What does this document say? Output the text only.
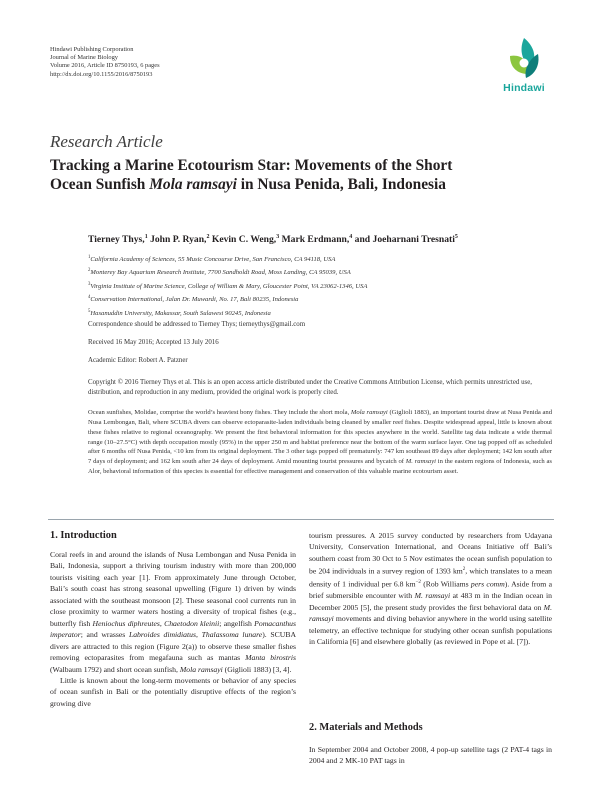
Hindawi Publishing Corporation
Journal of Marine Biology
Volume 2016, Article ID 8750193, 6 pages
http://dx.doi.org/10.1155/2016/8750193
Hindawi
Research Article
Tracking a Marine Ecotourism Star: Movements of the Short
Ocean Sunfish Mola ramsayi in Nusa Penida, Bali, Indonesia
Tierney Thys,$^1$ John P. Ryan,$^2$ Kevin C. Weng,$^3$ Mark Erdmann,$^4$ and Joeharnani Tresnati$^5$
$^1$California Academy of Sciences, 55 Music Concourse Drive, San Francisco, CA 94118, USA
$^2$Monterey Bay Aquarium Research Institute, 7700 Sandholdt Road, Moss Landing, CA 95039, USA
$^3$Virginia Institute of Marine Science, College of William & Mary, Gloucester Point, VA 23062-1346, USA
$^4$Conservation International, Jalan Dr. Muwardi, No. 17, Bali 80235, Indonesia
$^5$Hasanuddin University, Makassar, South Sulawesi 90245, Indonesia
Correspondence should be addressed to Tierney Thys; tierneythys@gmail.com
Received 16 May 2016; Accepted 13 July 2016
Academic Editor: Robert A. Patzner
Copyright © 2016 Tierney Thys et al. This is an open access article distributed under the Creative Commons Attribution License, which permits unrestricted use, distribution, and reproduction in any medium, provided the original work is properly cited.
Ocean sunfishes, Molidae, comprise the world’s heaviest bony fishes. They include the short mola, Mola ramsayi (Giglioli 1883), an important tourist draw at Nusa Penida and Nusa Lembongan, Bali, where SCUBA divers can observe ectoparasite-laden individuals being cleaned by smaller reef fishes. Despite widespread appeal, little is known about these fishes relative to regional oceanography. We present the first behavioral information for this species anywhere in the world. Satellite tag data indicate a wide thermal range (10–27.5°C) with depth occupation mostly (95%) in the upper 250 m and habitat preference near the bottom of the warm surface layer. One tag popped off as scheduled after 6 months off Nusa Penida, <10 km from its original deployment. The 3 other tags popped off prematurely: 747 km southeast 89 days after deployment; 142 km south after 7 days of deployment; and 162 km south after 24 days of deployment. Amid mounting tourist pressures and bycatch of M. ramsayi in the eastern regions of Indonesia, such as Alor, behavioral information of this species is essential for effective management and conservation of this valuable marine ecotourism asset.
1. Introduction

Coral reefs in and around the islands of Nusa Lembongan and Nusa Penida in Bali, Indonesia, support a thriving tourism industry with more than 200,000 tourists visiting each year [1]. From approximately June through October, Bali’s south coast has strong seasonal upwelling (Figure 1) driven by winds associated with the southeast monsoon [2]. These seasonal cool currents run in close proximity to warmer waters hosting a diversity of tropical fishes (e.g., butterfly fish Heniochus diphreutes, Chaetodon kleinii; angelfish Pomacanthus imperator; and wrasses Labroides dimidiatus, Thalassoma lunare). SCUBA divers are attracted to this region (Figure 2(a)) to observe these smaller fishes removing ectoparasites from megafauna such as mantas Manta birostris (Walbaum 1792) and short ocean sunfish, Mola ramsayi (Giglioli 1883) [3, 4].

Little is known about the long-term movements or behavior of any species of ocean sunfish in Bali or the potentially disruptive effects of the region’s growing dive

tourism pressures. A 2015 survey conducted by researchers from Udayana University, Conservation International, and Oceans Initiative off Bali’s southern coast from 30 Oct to 5 Nov estimates the ocean sunfish population to be 204 individuals in a survey region of 1393 $km^2$, which translates to a mean density of 1 individual per 6.8 $km^{-2}$ (Rob Williams pers comm). Aside from a brief submersible encounter with M. ramsayi at 483 m in the Indian ocean in December 2005 [5], the present study provides the first behavioral data on M. ramsayi movements and diving behavior anywhere in the world using satellite telemetry, an effective technique for studying other ocean sunfish populations in California [6] and elsewhere globally (as reviewed in Pope et al. [7]).

2. Materials and Methods

In September 2004 and October 2008, 4 pop-up satellite tags (2 PAT-4 tags in 2004 and 2 MK-10 PAT tags in
